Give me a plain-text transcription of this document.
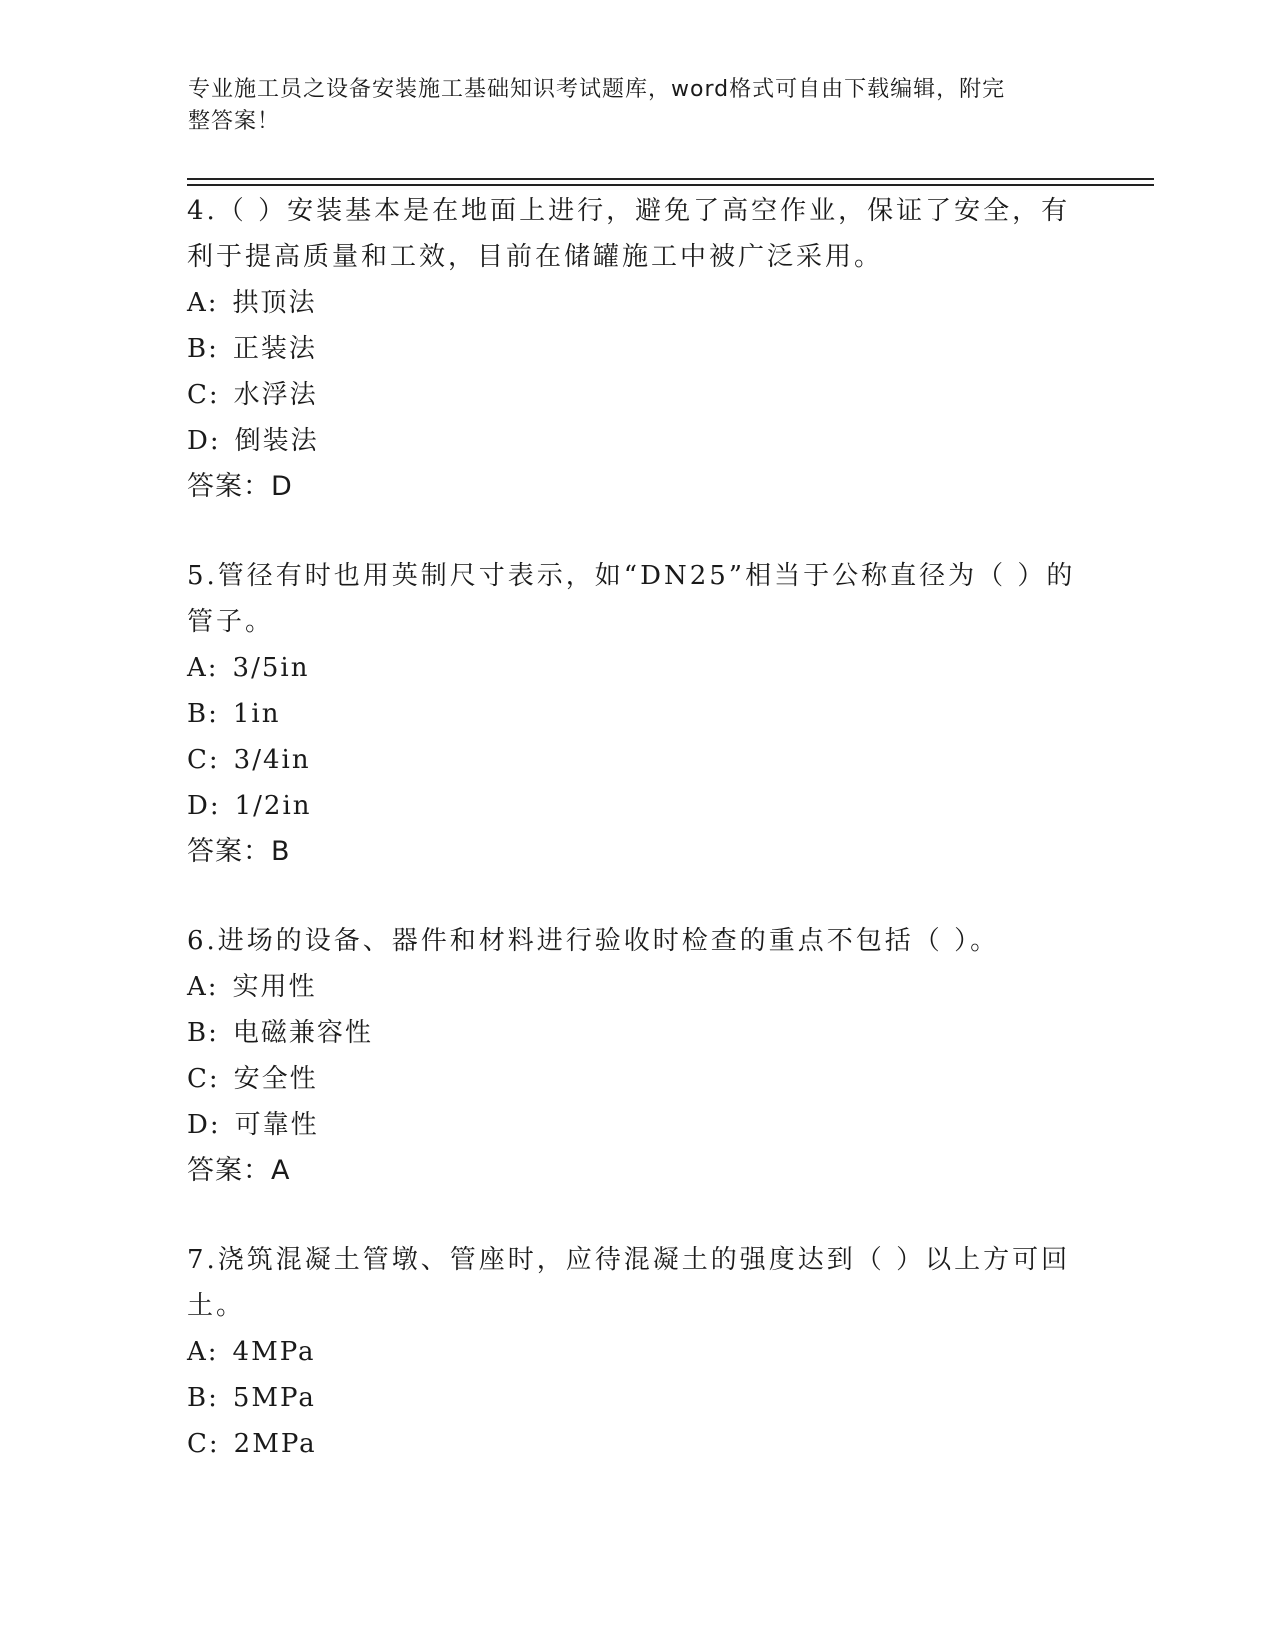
专业施工员之设备安装施工基础知识考试题库，word格式可自由下载编辑，附完
整答案！

4.（ ）安装基本是在地面上进行，避免了高空作业，保证了安全，有利于提高质量和工效，目前在储罐施工中被广泛采用。

A: 拱顶法

B: 正装法

C: 水浮法

D: 倒装法

答案：D

5.管径有时也用英制尺寸表示，如“DN25”相当于公称直径为（ ）的管子。

A: 3/5in

B: 1in

C: 3/4in

D: 1/2in

答案：B

6.进场的设备、器件和材料进行验收时检查的重点不包括（ ）。

A: 实用性

B: 电磁兼容性

C: 安全性

D: 可靠性

答案：A

7.浇筑混凝土管墩、管座时，应待混凝土的强度达到（ ）以上方可回土。

A: 4MPa

B: 5MPa

C: 2MPa
